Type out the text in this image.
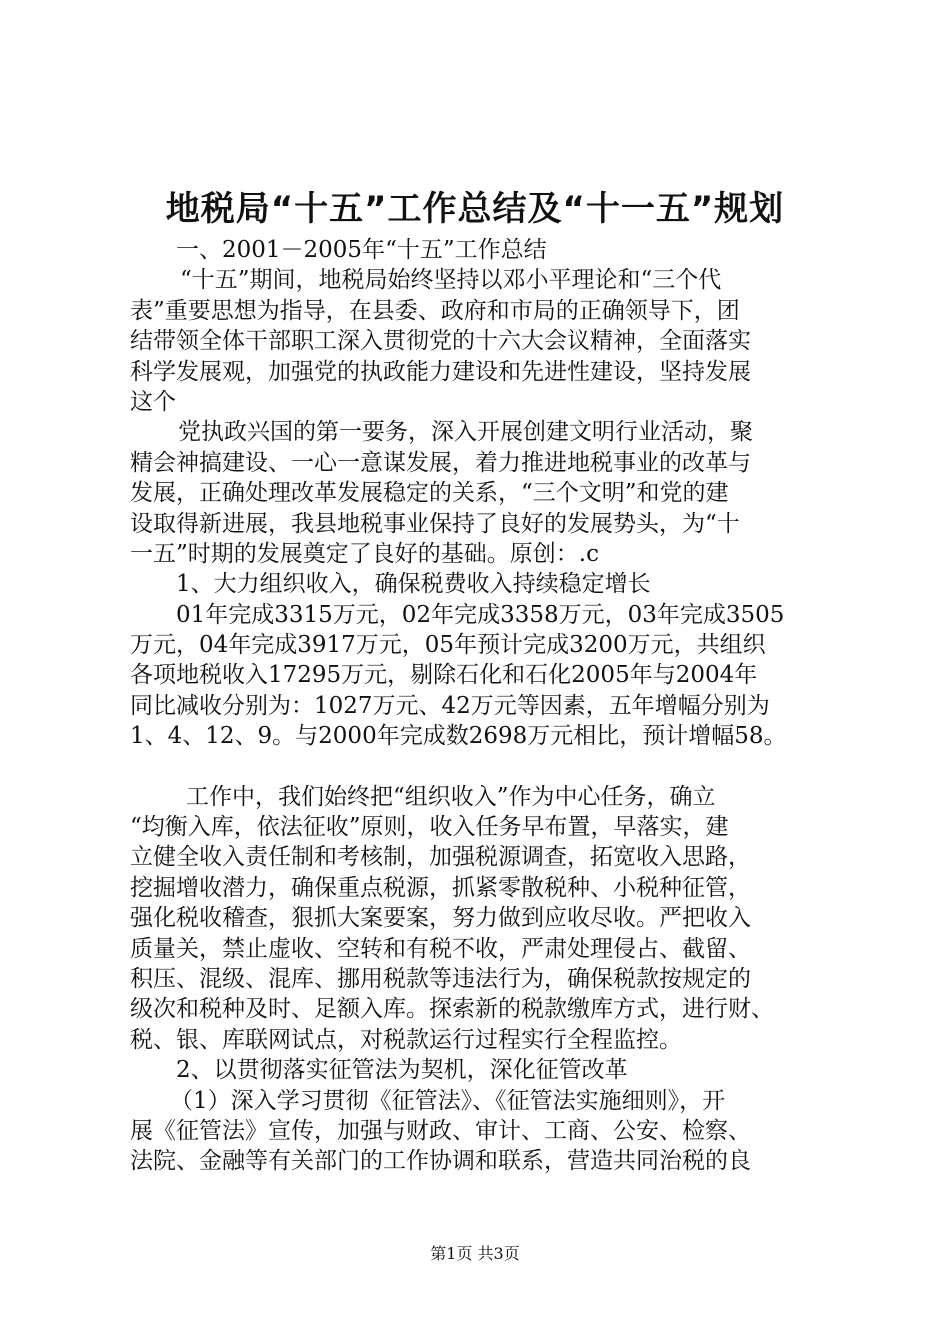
地税局“十五”工作总结及“十一五”规划
一、2001－2005年“十五”工作总结
“十五”期间，地税局始终坚持以邓小平理论和“三个代
表”重要思想为指导，在县委、政府和市局的正确领导下，团
结带领全体干部职工深入贯彻党的十六大会议精神，全面落实
科学发展观，加强党的执政能力建设和先进性建设，坚持发展
这个
党执政兴国的第一要务，深入开展创建文明行业活动，聚
精会神搞建设、一心一意谋发展，着力推进地税事业的改革与
发展，正确处理改革发展稳定的关系，“三个文明”和党的建
设取得新进展，我县地税事业保持了良好的发展势头，为“十
一五”时期的发展奠定了良好的基础。原创：.c
1、大力组织收入，确保税费收入持续稳定增长
01年完成3315万元，02年完成3358万元，03年完成3505
万元，04年完成3917万元，05年预计完成3200万元，共组织
各项地税收入17295万元，剔除石化和石化2005年与2004年
同比减收分别为：1027万元、42万元等因素，五年增幅分别为
1、4、12、9。与2000年完成数2698万元相比，预计增幅58。
工作中，我们始终把“组织收入”作为中心任务，确立
“均衡入库，依法征收”原则，收入任务早布置，早落实，建
立健全收入责任制和考核制，加强税源调查，拓宽收入思路，
挖掘增收潜力，确保重点税源，抓紧零散税种、小税种征管，
强化税收稽查，狠抓大案要案，努力做到应收尽收。严把收入
质量关，禁止虚收、空转和有税不收，严肃处理侵占、截留、
积压、混级、混库、挪用税款等违法行为，确保税款按规定的
级次和税种及时、足额入库。探索新的税款缴库方式，进行财、
税、银、库联网试点，对税款运行过程实行全程监控。
2、以贯彻落实征管法为契机，深化征管改革
（1）深入学习贯彻《征管法》、《征管法实施细则》，开
展《征管法》宣传，加强与财政、审计、工商、公安、检察、
法院、金融等有关部门的工作协调和联系，营造共同治税的良
第1页 共3页
